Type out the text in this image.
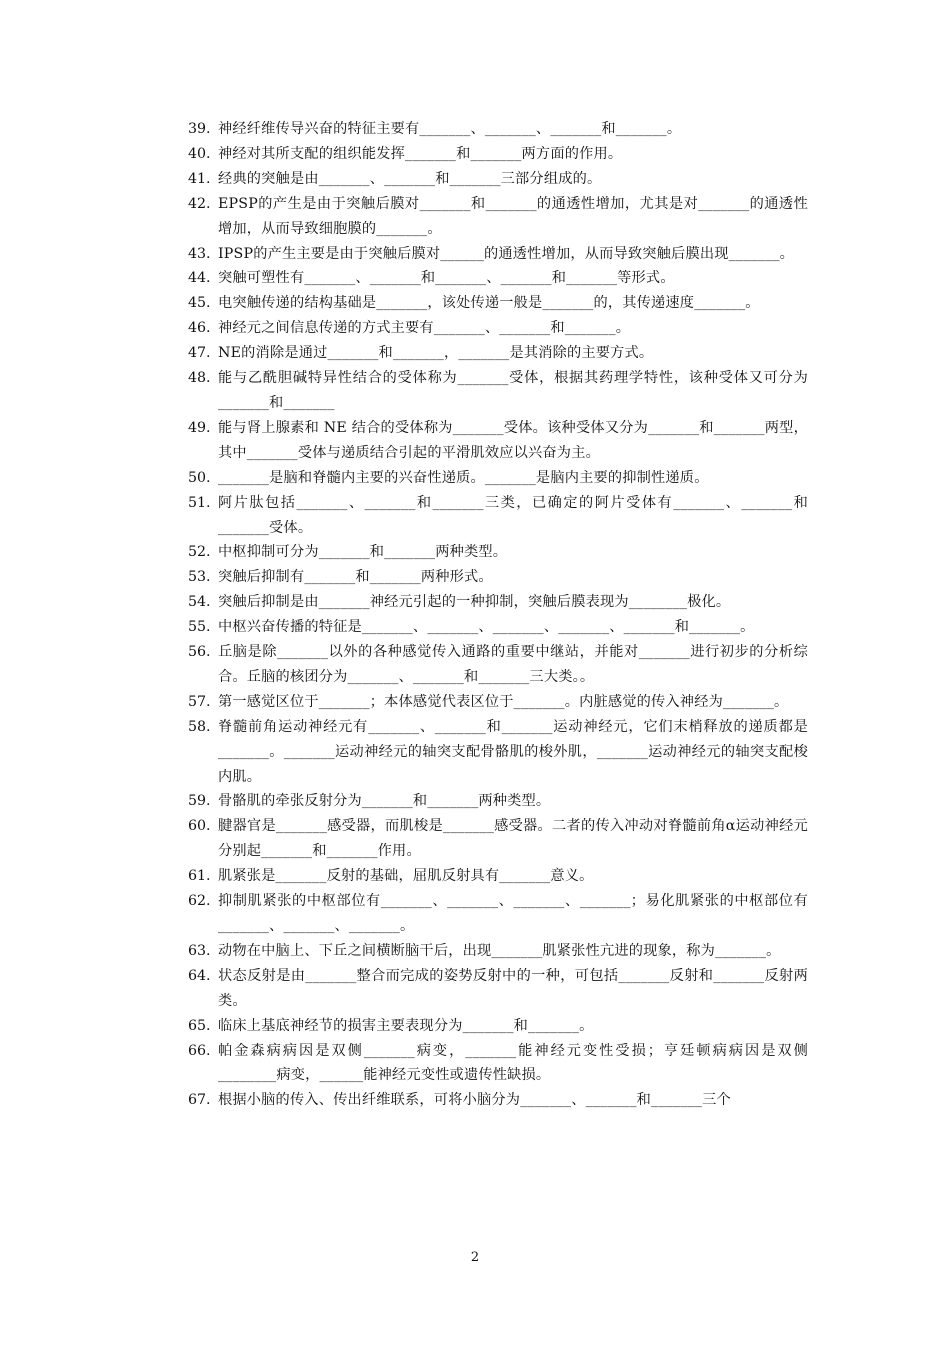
39. 神经纤维传导兴奋的特征主要有_______、_______、_______和_______。
40. 神经对其所支配的组织能发挥_______和_______两方面的作用。
41. 经典的突触是由_______、_______和_______三部分组成的。
42. EPSP的产生是由于突触后膜对_______和_______的通透性增加，尤其是对_______的通透性增加，从而导致细胞膜的_______。
43. IPSP的产生主要是由于突触后膜对______的通透性增加，从而导致突触后膜出现_______。
44. 突触可塑性有_______、_______和_______、_______和_______等形式。
45. 电突触传递的结构基础是_______，该处传递一般是_______的，其传递速度_______。
46. 神经元之间信息传递的方式主要有_______、_______和_______。
47. NE的消除是通过_______和_______，_______是其消除的主要方式。
48. 能与乙酰胆碱特异性结合的受体称为_______受体，根据其药理学特性，该种受体又可分为_______和_______
49. 能与肾上腺素和 NE 结合的受体称为_______受体。该种受体又分为_______和_______两型，其中_______受体与递质结合引起的平滑肌效应以兴奋为主。
50. _______是脑和脊髓内主要的兴奋性递质。_______是脑内主要的抑制性递质。
51. 阿片肽包括_______、_______和_______三类，已确定的阿片受体有_______、_______和_______受体。
52. 中枢抑制可分为_______和_______两种类型。
53. 突触后抑制有_______和_______两种形式。
54. 突触后抑制是由_______神经元引起的一种抑制，突触后膜表现为________极化。
55. 中枢兴奋传播的特征是_______、_______、_______、_______、_______和_______。
56. 丘脑是除_______以外的各种感觉传入通路的重要中继站，并能对_______进行初步的分析综合。丘脑的核团分为_______、_______和_______三大类。。
57. 第一感觉区位于_______；本体感觉代表区位于_______。内脏感觉的传入神经为_______。
58. 脊髓前角运动神经元有_______、_______和_______运动神经元，它们末梢释放的递质都是_______。_______运动神经元的轴突支配骨骼肌的梭外肌，_______运动神经元的轴突支配梭内肌。
59. 骨骼肌的牵张反射分为_______和_______两种类型。
60. 腱器官是_______感受器，而肌梭是_______感受器。二者的传入冲动对脊髓前角α运动神经元分别起_______和_______作用。
61. 肌紧张是_______反射的基础，屈肌反射具有_______意义。
62. 抑制肌紧张的中枢部位有_______、_______、_______、_______；易化肌紧张的中枢部位有_______、_______、_______。
63. 动物在中脑上、下丘之间横断脑干后，出现_______肌紧张性亢进的现象，称为_______。
64. 状态反射是由_______整合而完成的姿势反射中的一种，可包括_______反射和_______反射两类。
65. 临床上基底神经节的损害主要表现分为_______和_______。
66. 帕金森病病因是双侧_______病变，_______能神经元变性受损；亨廷顿病病因是双侧________病变，______能神经元变性或遗传性缺损。
67. 根据小脑的传入、传出纤维联系，可将小脑分为_______、_______和_______三个
2
